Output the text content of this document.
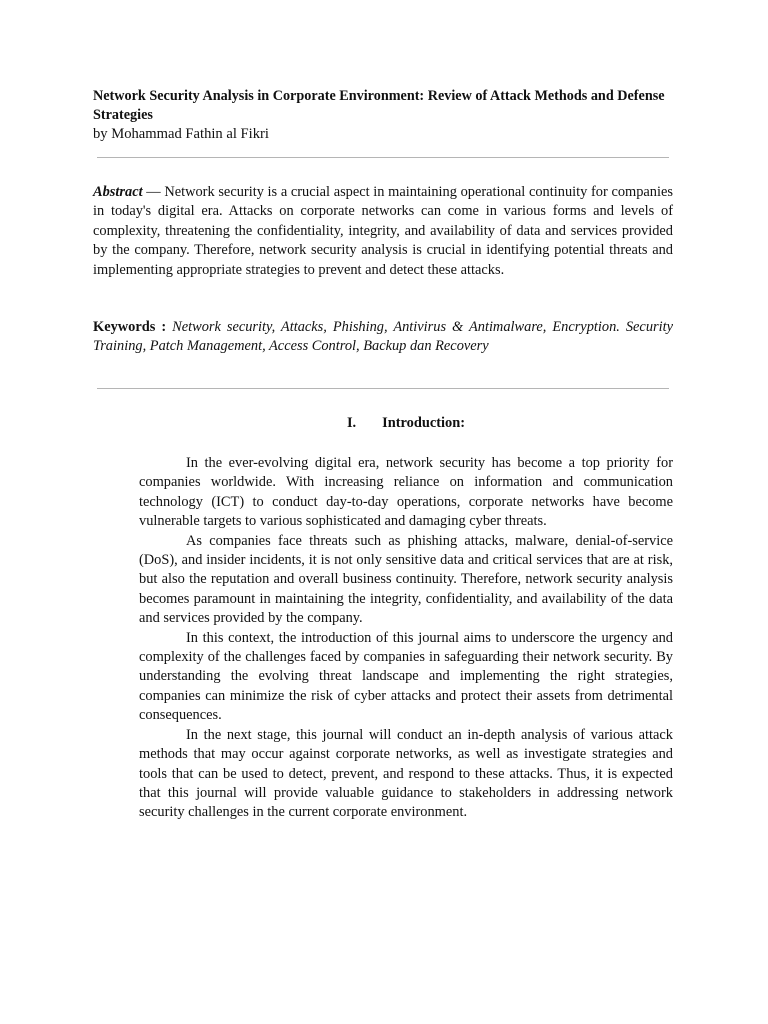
Network Security Analysis in Corporate Environment: Review of Attack Methods and Defense Strategies

by Mohammad Fathin al Fikri

Abstract — Network security is a crucial aspect in maintaining operational continuity for companies in today's digital era. Attacks on corporate networks can come in various forms and levels of complexity, threatening the confidentiality, integrity, and availability of data and services provided by the company. Therefore, network security analysis is crucial in identifying potential threats and implementing appropriate strategies to prevent and detect these attacks.

Keywords : Network security, Attacks, Phishing, Antivirus & Antimalware, Encryption. Security Training, Patch Management, Access Control, Backup dan Recovery

I. Introduction:

In the ever-evolving digital era, network security has become a top priority for companies worldwide. With increasing reliance on information and communication technology (ICT) to conduct day-to-day operations, corporate networks have become vulnerable targets to various sophisticated and damaging cyber threats.

As companies face threats such as phishing attacks, malware, denial-of-service (DoS), and insider incidents, it is not only sensitive data and critical services that are at risk, but also the reputation and overall business continuity. Therefore, network security analysis becomes paramount in maintaining the integrity, confidentiality, and availability of the data and services provided by the company.

In this context, the introduction of this journal aims to underscore the urgency and complexity of the challenges faced by companies in safeguarding their network security. By understanding the evolving threat landscape and implementing the right strategies, companies can minimize the risk of cyber attacks and protect their assets from detrimental consequences.

In the next stage, this journal will conduct an in-depth analysis of various attack methods that may occur against corporate networks, as well as investigate strategies and tools that can be used to detect, prevent, and respond to these attacks. Thus, it is expected that this journal will provide valuable guidance to stakeholders in addressing network security challenges in the current corporate environment.
